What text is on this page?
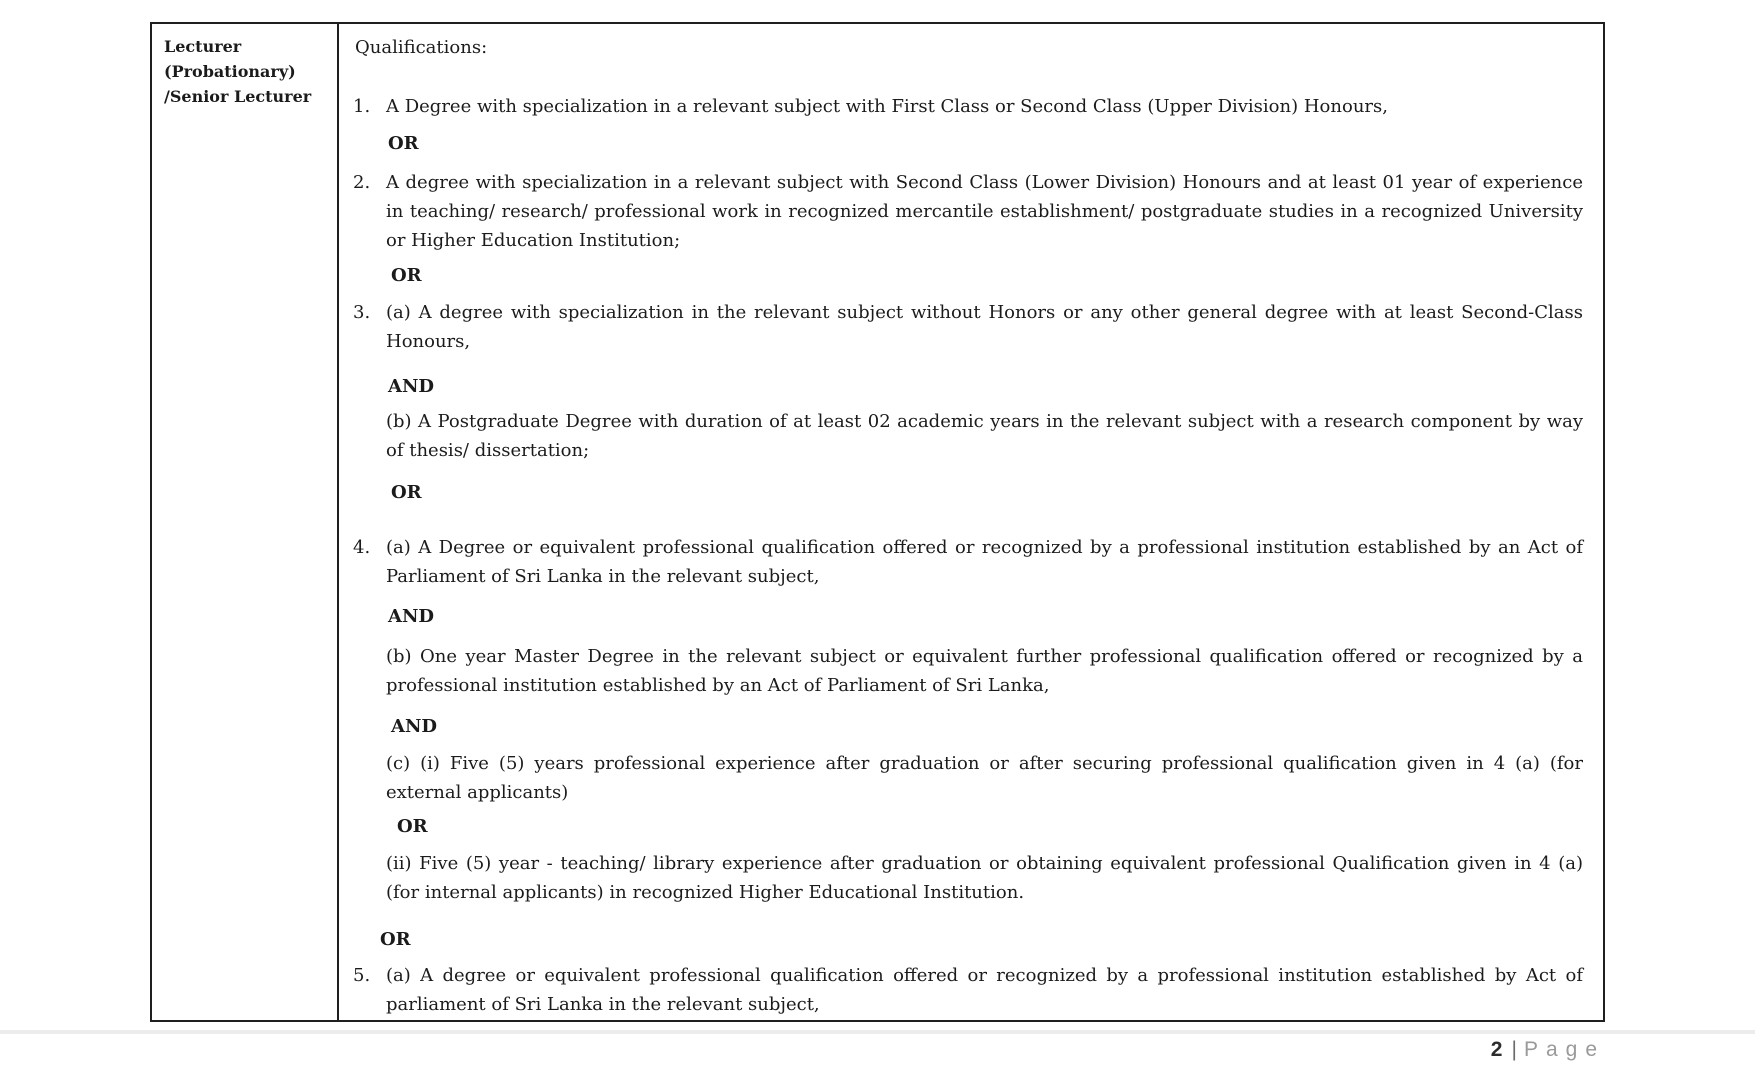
Lecturer
(Probationary)
/Senior Lecturer
Qualifications:
1. A Degree with specialization in a relevant subject with First Class or Second Class (Upper Division) Honours,
OR
2. A degree with specialization in a relevant subject with Second Class (Lower Division) Honours and at least 01 year of experience in teaching/ research/ professional work in recognized mercantile establishment/ postgraduate studies in a recognized University or Higher Education Institution;
OR
3. (a) A degree with specialization in the relevant subject without Honors or any other general degree with at least Second-Class Honours,
AND
(b) A Postgraduate Degree with duration of at least 02 academic years in the relevant subject with a research component by way of thesis/ dissertation;
OR
4. (a) A Degree or equivalent professional qualification offered or recognized by a professional institution established by an Act of Parliament of Sri Lanka in the relevant subject,
AND
(b) One year Master Degree in the relevant subject or equivalent further professional qualification offered or recognized by a professional institution established by an Act of Parliament of Sri Lanka,
AND
(c) (i) Five (5) years professional experience after graduation or after securing professional qualification given in 4 (a) (for external applicants)
OR
(ii) Five (5) year - teaching/ library experience after graduation or obtaining equivalent professional Qualification given in 4 (a) (for internal applicants) in recognized Higher Educational Institution.
OR
5. (a) A degree or equivalent professional qualification offered or recognized by a professional institution established by Act of parliament of Sri Lanka in the relevant subject,
2 | Page
